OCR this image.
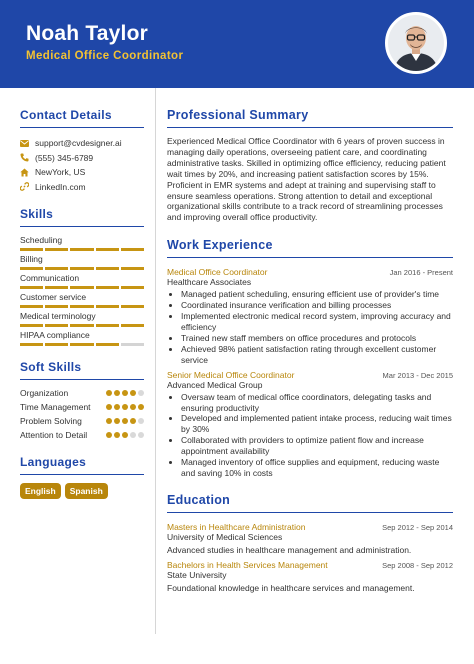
Noah Taylor
Medical Office Coordinator
Contact Details
support@cvdesigner.ai
(555) 345-6789
NewYork, US
LinkedIn.com
Skills
Scheduling
Billing
Communication
Customer service
Medical terminology
HIPAA compliance
Soft Skills
Organization
Time Management
Problem Solving
Attention to Detail
Languages
English	Spanish
Professional Summary

Experienced Medical Office Coordinator with 6 years of proven success in managing daily operations, overseeing patient care, and coordinating administrative tasks. Skilled in optimizing office efficiency, reducing patient wait times by 20%, and increasing patient satisfaction scores by 15%. Proficient in EMR systems and adept at training and supervising staff to ensure seamless operations. Strong attention to detail and exceptional organizational skills contribute to a track record of streamlining processes and improving overall office productivity.

Work Experience
Medical Office Coordinator	Jan 2016 - Present
Healthcare Associates
• Managed patient scheduling, ensuring efficient use of provider's time
• Coordinated insurance verification and billing processes
• Implemented electronic medical record system, improving accuracy and efficiency
• Trained new staff members on office procedures and protocols
• Achieved 98% patient satisfaction rating through excellent customer service
Senior Medical Office Coordinator	Mar 2013 - Dec 2015
Advanced Medical Group
• Oversaw team of medical office coordinators, delegating tasks and ensuring productivity
• Developed and implemented patient intake process, reducing wait times by 30%
• Collaborated with providers to optimize patient flow and increase appointment availability
• Managed inventory of office supplies and equipment, reducing waste and saving 10% in costs
Education
Masters in Healthcare Administration	Sep 2012 - Sep 2014
University of Medical Sciences
Advanced studies in healthcare management and administration.
Bachelors in Health Services Management	Sep 2008 - Sep 2012
State University
Foundational knowledge in healthcare services and management.
